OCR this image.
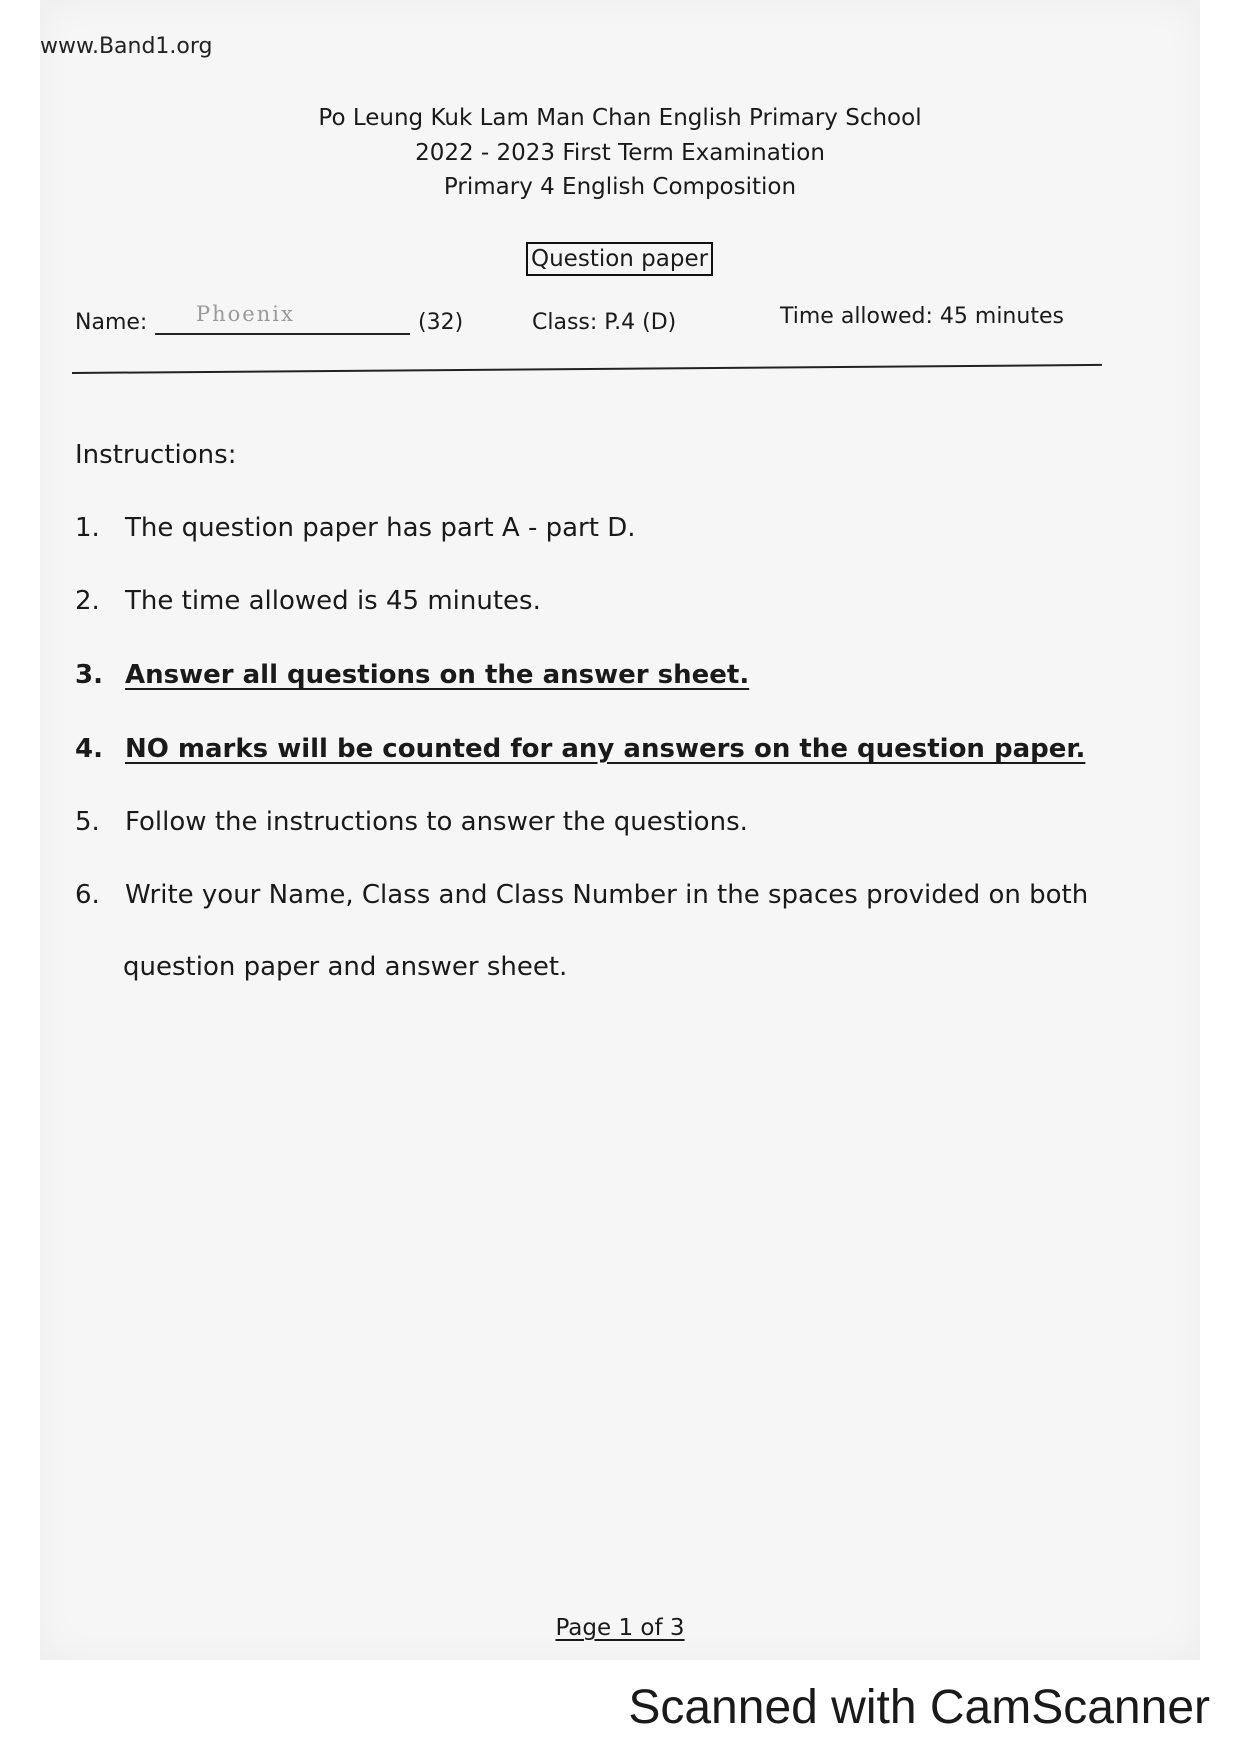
www.Band1.org
Po Leung Kuk Lam Man Chan English Primary School
2022 - 2023 First Term Examination
Primary 4 English Composition
Question paper
Name: Phoenix	(32)	Class: P.4 (D)	Time allowed: 45 minutes
Instructions:
1. The question paper has part A - part D.
2. The time allowed is 45 minutes.
3. Answer all questions on the answer sheet.
4. NO marks will be counted for any answers on the question paper.
5. Follow the instructions to answer the questions.
6. Write your Name, Class and Class Number in the spaces provided on both
question paper and answer sheet.
Page 1 of 3
Scanned with CamScanner
